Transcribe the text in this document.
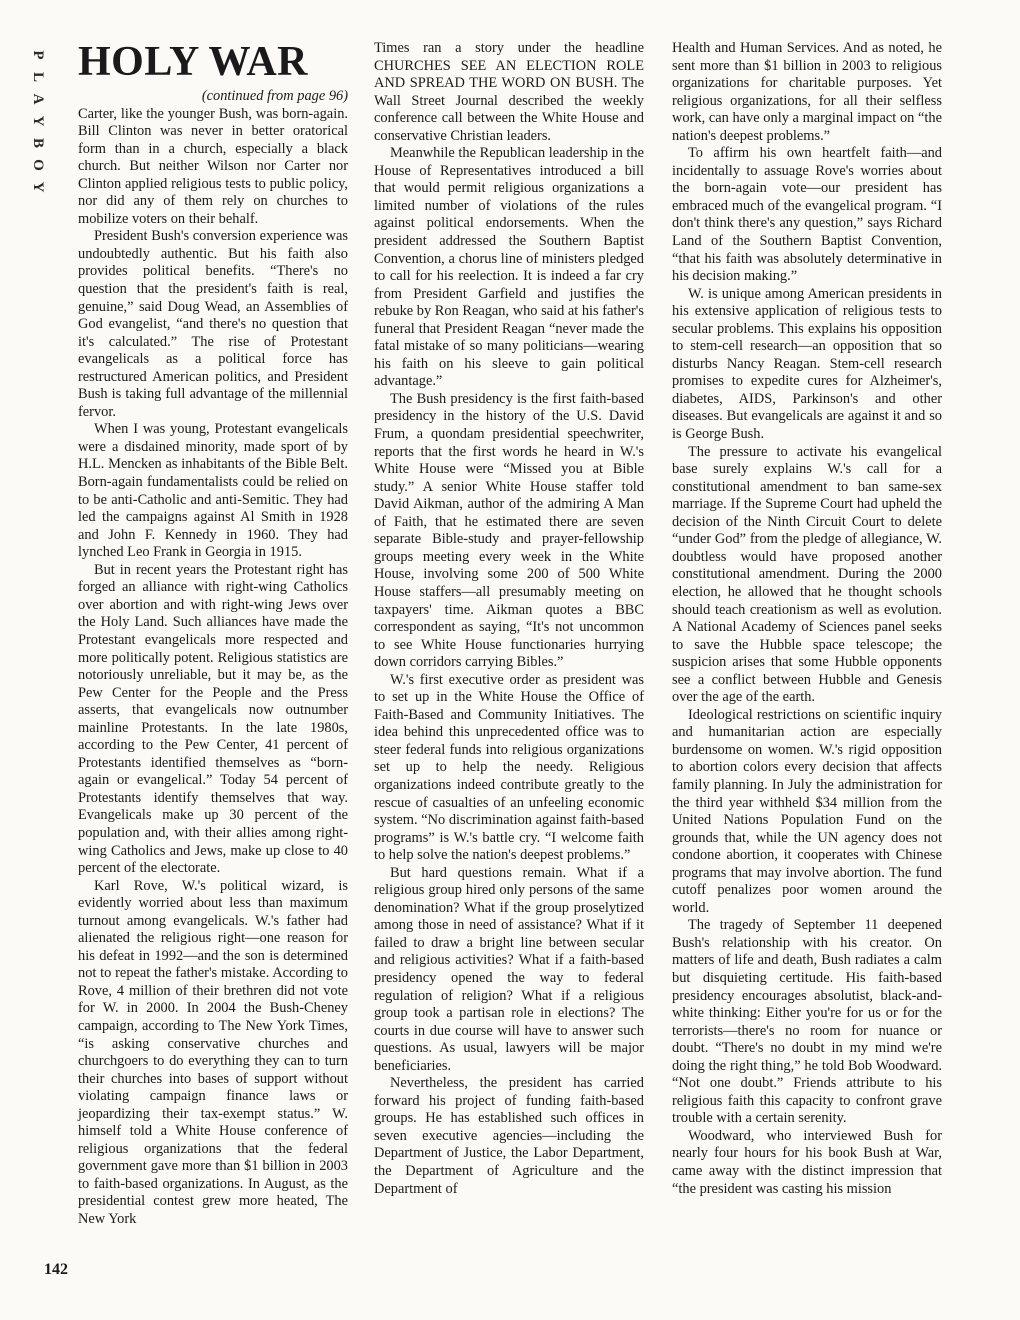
P
L
A
Y
B
O
Y
HOLY WAR
(continued from page 96)

Carter, like the younger Bush, was born-again. Bill Clinton was never in better oratorical form than in a church, especially a black church. But neither Wilson nor Carter nor Clinton applied religious tests to public policy, nor did any of them rely on churches to mobilize voters on their behalf.

President Bush's conversion experience was undoubtedly authentic. But his faith also provides political benefits. “There's no question that the president's faith is real, genuine,” said Doug Wead, an Assemblies of God evangelist, “and there's no question that it's calculated.” The rise of Protestant evangelicals as a political force has restructured American politics, and President Bush is taking full advantage of the millennial fervor.

When I was young, Protestant evangelicals were a disdained minority, made sport of by H.L. Mencken as inhabitants of the Bible Belt. Born-again fundamentalists could be relied on to be anti-Catholic and anti-Semitic. They had led the campaigns against Al Smith in 1928 and John F. Kennedy in 1960. They had lynched Leo Frank in Georgia in 1915.

But in recent years the Protestant right has forged an alliance with right-wing Catholics over abortion and with right-wing Jews over the Holy Land. Such alliances have made the Protestant evangelicals more respected and more politically potent. Religious statistics are notoriously unreliable, but it may be, as the Pew Center for the People and the Press asserts, that evangelicals now outnumber mainline Protestants. In the late 1980s, according to the Pew Center, 41 percent of Protestants identified themselves as “born-again or evangelical.” Today 54 percent of Protestants identify themselves that way. Evangelicals make up 30 percent of the population and, with their allies among right-wing Catholics and Jews, make up close to 40 percent of the electorate.

Karl Rove, W.'s political wizard, is evidently worried about less than maximum turnout among evangelicals. W.'s father had alienated the religious right—one reason for his defeat in 1992—and the son is determined not to repeat the father's mistake. According to Rove, 4 million of their brethren did not vote for W. in 2000. In 2004 the Bush-Cheney campaign, according to The New York Times, “is asking conservative churches and churchgoers to do everything they can to turn their churches into bases of support without violating campaign finance laws or jeopardizing their tax-exempt status.” W. himself told a White House conference of religious organizations that the federal government gave more than $1 billion in 2003 to faith-based organizations. In August, as the presidential contest grew more heated, The New York

Times ran a story under the headline CHURCHES SEE AN ELECTION ROLE AND SPREAD THE WORD ON BUSH. The Wall Street Journal described the weekly conference call between the White House and conservative Christian leaders.

Meanwhile the Republican leadership in the House of Representatives introduced a bill that would permit religious organizations a limited number of violations of the rules against political endorsements. When the president addressed the Southern Baptist Convention, a chorus line of ministers pledged to call for his reelection. It is indeed a far cry from President Garfield and justifies the rebuke by Ron Reagan, who said at his father's funeral that President Reagan “never made the fatal mistake of so many politicians—wearing his faith on his sleeve to gain political advantage.”

The Bush presidency is the first faith-based presidency in the history of the U.S. David Frum, a quondam presidential speechwriter, reports that the first words he heard in W.'s White House were “Missed you at Bible study.” A senior White House staffer told David Aikman, author of the admiring A Man of Faith, that he estimated there are seven separate Bible-study and prayer-fellowship groups meeting every week in the White House, involving some 200 of 500 White House staffers—all presumably meeting on taxpayers' time. Aikman quotes a BBC correspondent as saying, “It's not uncommon to see White House functionaries hurrying down corridors carrying Bibles.”

W.'s first executive order as president was to set up in the White House the Office of Faith-Based and Community Initiatives. The idea behind this unprecedented office was to steer federal funds into religious organizations set up to help the needy. Religious organizations indeed contribute greatly to the rescue of casualties of an unfeeling economic system. “No discrimination against faith-based programs” is W.'s battle cry. “I welcome faith to help solve the nation's deepest problems.”

But hard questions remain. What if a religious group hired only persons of the same denomination? What if the group proselytized among those in need of assistance? What if it failed to draw a bright line between secular and religious activities? What if a faith-based presidency opened the way to federal regulation of religion? What if a religious group took a partisan role in elections? The courts in due course will have to answer such questions. As usual, lawyers will be major beneficiaries.

Nevertheless, the president has carried forward his project of funding faith-based groups. He has established such offices in seven executive agencies—including the Department of Justice, the Labor Department, the Department of Agriculture and the Department of

Health and Human Services. And as noted, he sent more than $1 billion in 2003 to religious organizations for charitable purposes. Yet religious organizations, for all their selfless work, can have only a marginal impact on “the nation's deepest problems.”

To affirm his own heartfelt faith—and incidentally to assuage Rove's worries about the born-again vote—our president has embraced much of the evangelical program. “I don't think there's any question,” says Richard Land of the Southern Baptist Convention, “that his faith was absolutely determinative in his decision making.”

W. is unique among American presidents in his extensive application of religious tests to secular problems. This explains his opposition to stem-cell research—an opposition that so disturbs Nancy Reagan. Stem-cell research promises to expedite cures for Alzheimer's, diabetes, AIDS, Parkinson's and other diseases. But evangelicals are against it and so is George Bush.

The pressure to activate his evangelical base surely explains W.'s call for a constitutional amendment to ban same-sex marriage. If the Supreme Court had upheld the decision of the Ninth Circuit Court to delete “under God” from the pledge of allegiance, W. doubtless would have proposed another constitutional amendment. During the 2000 election, he allowed that he thought schools should teach creationism as well as evolution. A National Academy of Sciences panel seeks to save the Hubble space telescope; the suspicion arises that some Hubble opponents see a conflict between Hubble and Genesis over the age of the earth.

Ideological restrictions on scientific inquiry and humanitarian action are especially burdensome on women. W.'s rigid opposition to abortion colors every decision that affects family planning. In July the administration for the third year withheld $34 million from the United Nations Population Fund on the grounds that, while the UN agency does not condone abortion, it cooperates with Chinese programs that may involve abortion. The fund cutoff penalizes poor women around the world.

The tragedy of September 11 deepened Bush's relationship with his creator. On matters of life and death, Bush radiates a calm but disquieting certitude. His faith-based presidency encourages absolutist, black-and-white thinking: Either you're for us or for the terrorists—there's no room for nuance or doubt. “There's no doubt in my mind we're doing the right thing,” he told Bob Woodward. “Not one doubt.” Friends attribute to his religious faith this capacity to confront grave trouble with a certain serenity.

Woodward, who interviewed Bush for nearly four hours for his book Bush at War, came away with the distinct impression that “the president was casting his mission

142
